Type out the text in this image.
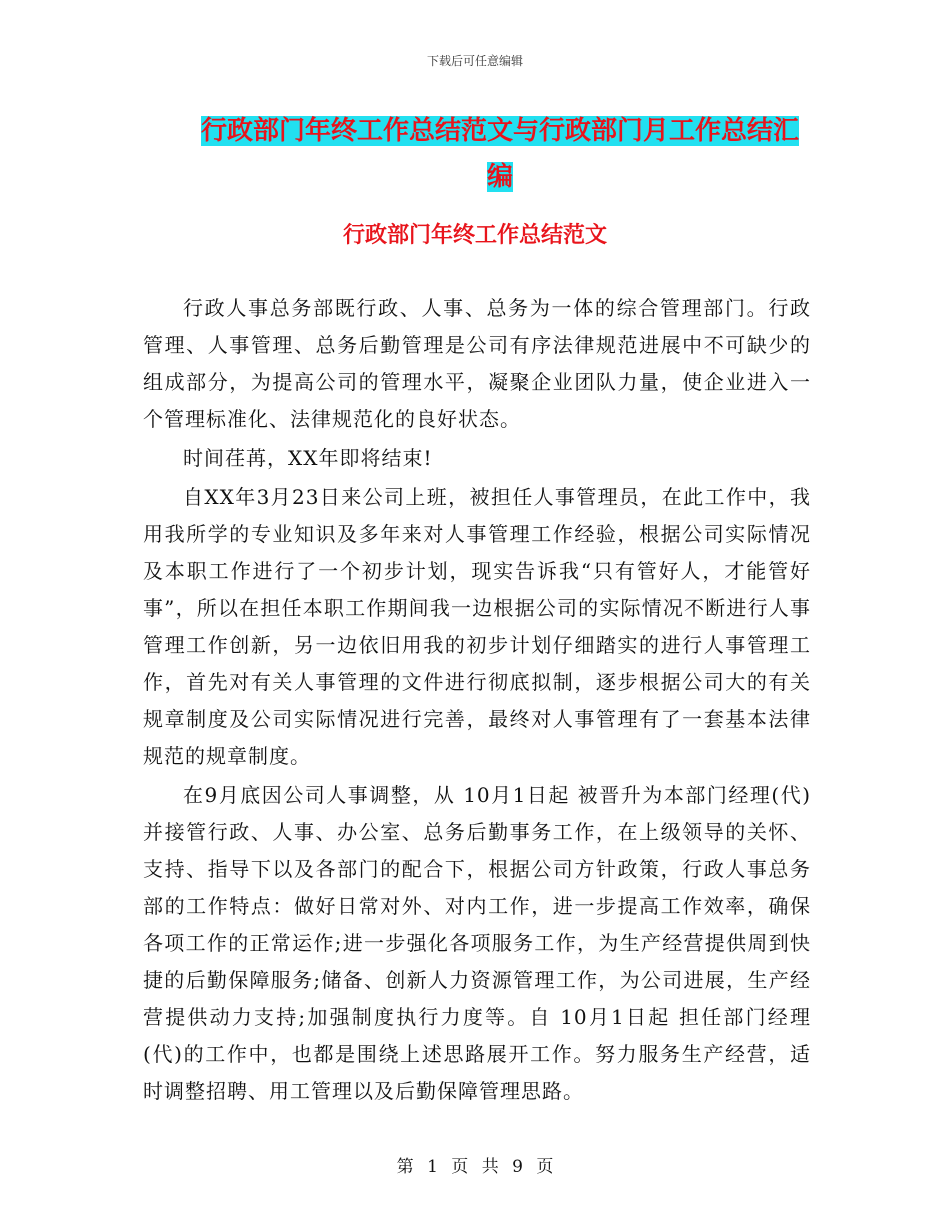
下载后可任意编辑
行政部门年终工作总结范文与行政部门月工作总结汇编
行政部门年终工作总结范文

行政人事总务部既行政、人事、总务为一体的综合管理部门。行政管理、人事管理、总务后勤管理是公司有序法律规范进展中不可缺少的组成部分，为提高公司的管理水平，凝聚企业团队力量，使企业进入一个管理标准化、法律规范化的良好状态。

时间荏苒，XX年即将结束!

自XX年3月23日来公司上班，被担任人事管理员，在此工作中，我用我所学的专业知识及多年来对人事管理工作经验，根据公司实际情况及本职工作进行了一个初步计划，现实告诉我“只有管好人，才能管好事”，所以在担任本职工作期间我一边根据公司的实际情况不断进行人事管理工作创新，另一边依旧用我的初步计划仔细踏实的进行人事管理工作，首先对有关人事管理的文件进行彻底拟制，逐步根据公司大的有关规章制度及公司实际情况进行完善，最终对人事管理有了一套基本法律规范的规章制度。

在9月底因公司人事调整，从 10月1日起 被晋升为本部门经理(代)并接管行政、人事、办公室、总务后勤事务工作，在上级领导的关怀、支持、指导下以及各部门的配合下，根据公司方针政策，行政人事总务部的工作特点：做好日常对外、对内工作，进一步提高工作效率，确保各项工作的正常运作;进一步强化各项服务工作，为生产经营提供周到快捷的后勤保障服务;储备、创新人力资源管理工作，为公司进展，生产经营提供动力支持;加强制度执行力度等。自 10月1日起 担任部门经理(代)的工作中，也都是围绕上述思路展开工作。努力服务生产经营，适时调整招聘、用工管理以及后勤保障管理思路。

第 1 页 共 9 页
